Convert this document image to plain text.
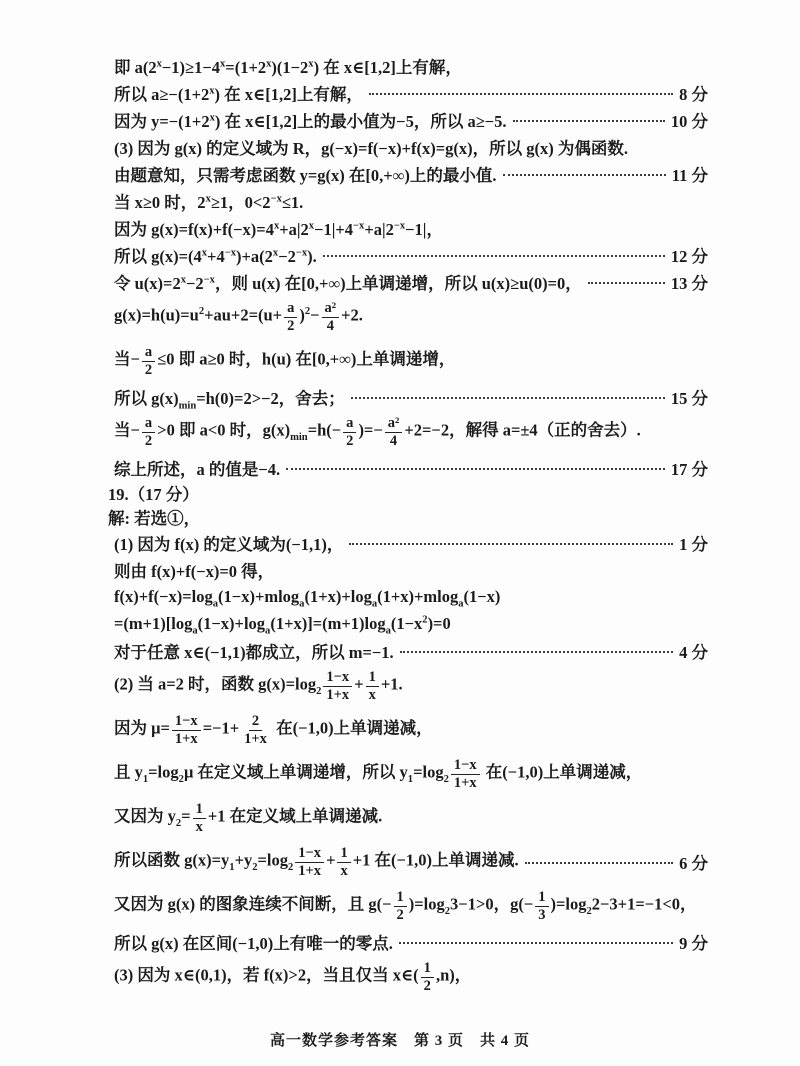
即 $a(2^x-1)\ge 1-4^x=(1+2^x)(1-2^x)$ 在 x∈[1,2]上有解，
所以 $a\ge-(1+2^x)$ 在 x∈[1,2]上有解，	8 分
因为 $y=-(1+2^x)$ 在 x∈[1,2]上的最小值为−5，所以 a≥−5.	10 分
(3) 因为 g(x) 的定义域为 R，g(−x)=f(−x)+f(x)=g(x)，所以 g(x) 为偶函数.
由题意知，只需考虑函数 y=g(x) 在[0,+∞)上的最小值.	11 分
当 x≥0 时，$2^x\ge 1$，$0<2^{-x}\le 1$.
因为 $g(x)=f(x)+f(-x)=4^x+a|2^x-1|+4^{-x}+a|2^{-x}-1|$，
所以 $g(x)=(4^x+4^{-x})+a(2^x-2^{-x})$.	12 分
令 $u(x)=2^x-2^{-x}$，则 u(x) 在[0,+∞)上单调递增，所以 u(x)≥u(0)=0，	13 分
$g(x)=h(u)=u^2+au+2=(u+ \frac{a}{2} )^2- \frac{\text{a²}}{4} +2$.
当− $\frac{a}{2} \le 0$ 即 a≥0 时，h(u) 在[0,+∞)上单调递增，
所以 $g(x)_{min}=h(0)=2>-2$，舍去；	15 分
当− $\frac{a}{2} >0$ 即 a<0 时，$g(x)_{min}=h(- \frac{a}{2}$ )=− $\frac{\text{a²}}{4} +2=-2$，解得 a=±4（正的舍去）.
综上所述，a 的值是−4.	17 分
19.（17 分）
解: 若选①，
(1) 因为 f(x) 的定义域为(−1,1)，	1 分
则由 f(x)+f(−x)=0 得，
$f(x)+f(-x)=\log_a(1-x)+mlog_a(1+x)+\log_a(1+x)+mlog_a(1-x)$
$=(m+1)[\log_a(1-x)+\log_a(1+x)]=(m+1)\log_a(1-x^2)=0$
对于任意 x∈(−1,1)都成立，所以 m=−1.	4 分
(2) 当 a=2 时，函数 $g(x)=\log_2 \frac{1-x}{1+x} + \frac{1}{x} +1$.
因为 $\mu= \frac{1-x}{1+x} =-1+ \frac{2}{1+x}$ 在(−1,0)上单调递减，
且 $y_1=\log_2\mu$ 在定义域上单调递增，所以 $y_1=\log_2 \frac{1-x}{1+x}$ 在(−1,0)上单调递减，
又因为 $y_2= \frac{1}{x} +1$ 在定义域上单调递减.
所以函数 $g(x)=y_1+y_2=\log_2 \frac{1-x}{1+x} + \frac{1}{x} +1$ 在(−1,0)上单调递减.	6 分
又因为 g(x) 的图象连续不间断，且 $g(- \frac{1}{2} )=\log_23-1>0$，$g(- \frac{1}{3} )=\log_22-3+1=-1<0$，
所以 g(x) 在区间(−1,0)上有唯一的零点.	9 分
(3) 因为 x∈(0,1)，若 f(x)>2，当且仅当 x∈( $\frac{1}{2} ,n$)，
高一数学参考答案　第 3 页　共 4 页
